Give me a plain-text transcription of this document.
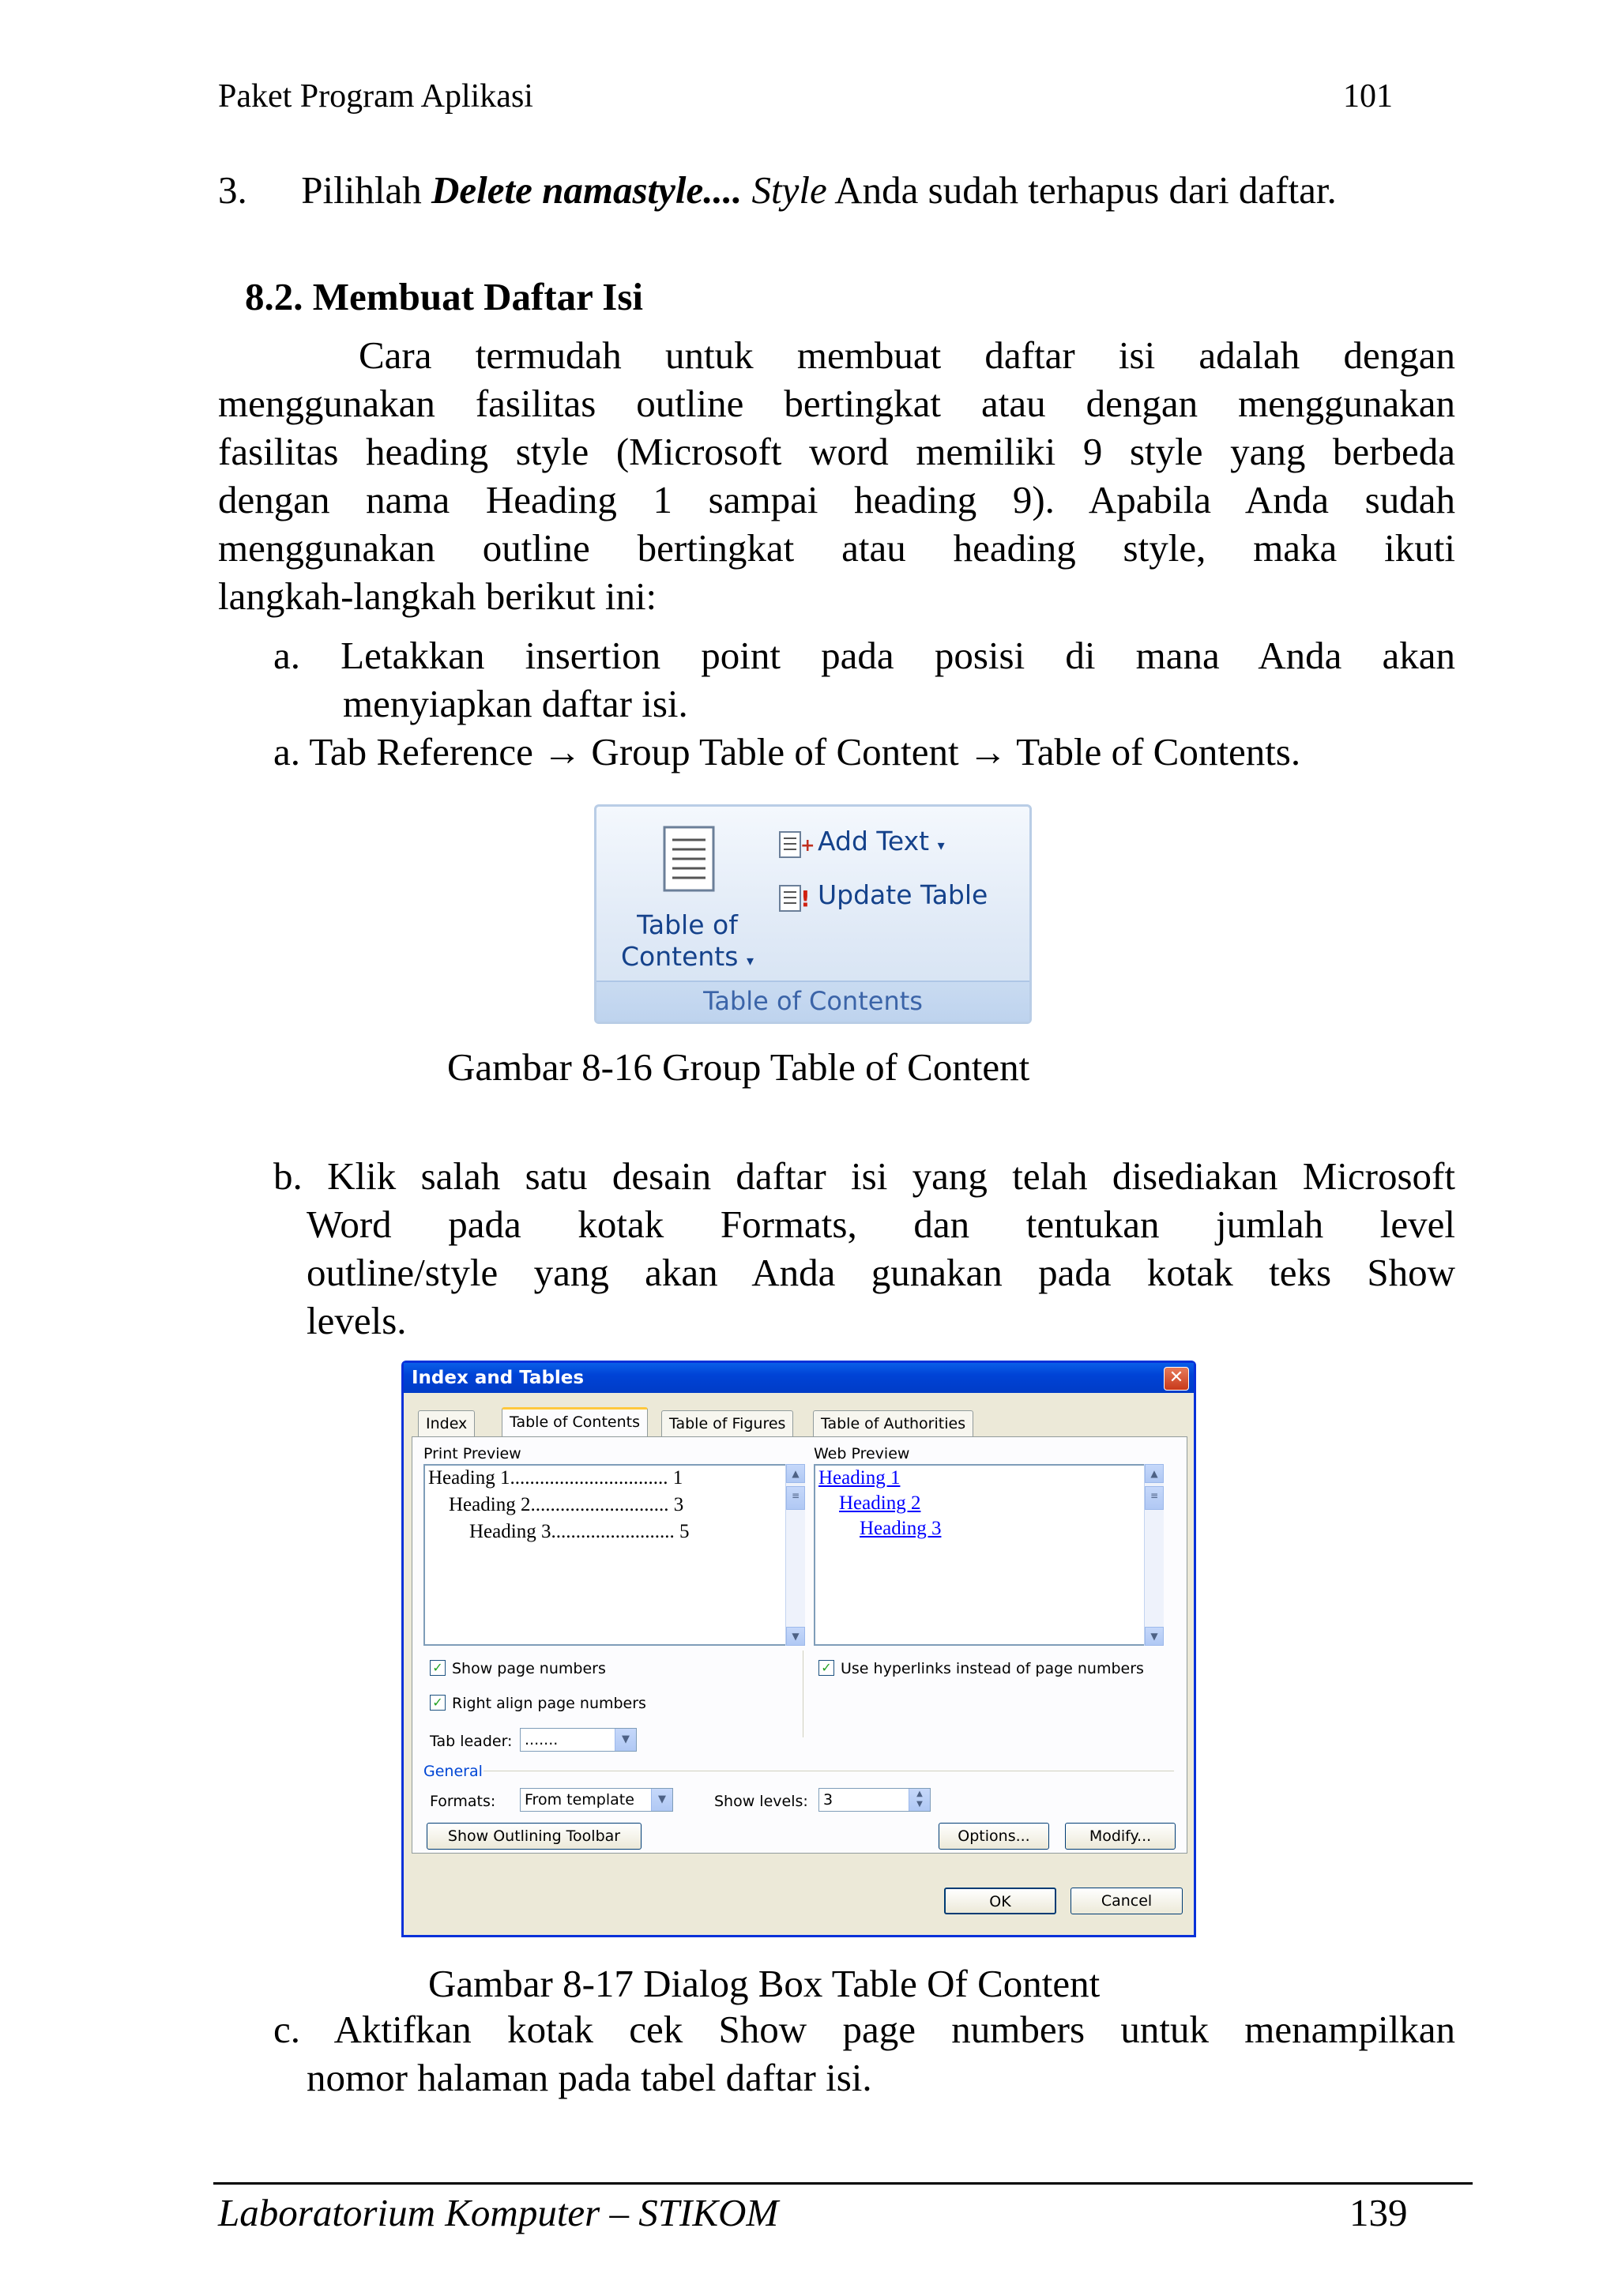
Paket Program Aplikasi	101
3. Pilihlah Delete namastyle.... Style Anda sudah terhapus dari daftar.
8.2. Membuat Daftar Isi
Cara termudah untuk membuat daftar isi adalah dengan
menggunakan fasilitas outline bertingkat atau dengan menggunakan
fasilitas heading style (Microsoft word memiliki 9 style yang berbeda
dengan nama Heading 1 sampai heading 9). Apabila Anda sudah
menggunakan outline bertingkat atau heading style, maka ikuti
langkah-langkah berikut ini:
a. Letakkan insertion point pada posisi di mana Anda akan
menyiapkan daftar isi.
a. Tab Reference → Group Table of Content → Table of Contents.
Table of
Contents ▾
+ Add Text ▾
! Update Table
Table of Contents
Gambar 8-16 Group Table of Content
b. Klik salah satu desain daftar isi yang telah disediakan Microsoft
Word pada kotak Formats, dan tentukan jumlah level
outline/style yang akan Anda gunakan pada kotak teks Show
levels.
Index and Tables	✕
Index	Table of Contents	Table of Figures	Table of Authorities
Print Preview	Web Preview
Heading 1................................ 1
Heading 2............................ 3
Heading 3......................... 5
▲
≡
▼
Heading 1
Heading 2
Heading 3
▲
≡
▼
✓ Show page numbers
✓ Right align page numbers
✓ Use hyperlinks instead of page numbers
Tab leader: .......	▼
General
Formats:	From template	▼	Show levels:	3	▲
▼
Show Outlining Toolbar	Options...	Modify...
OK	Cancel
Gambar 8-17 Dialog Box Table Of Content
c. Aktifkan kotak cek Show page numbers untuk menampilkan
nomor halaman pada tabel daftar isi.
Laboratorium Komputer – STIKOM	139
